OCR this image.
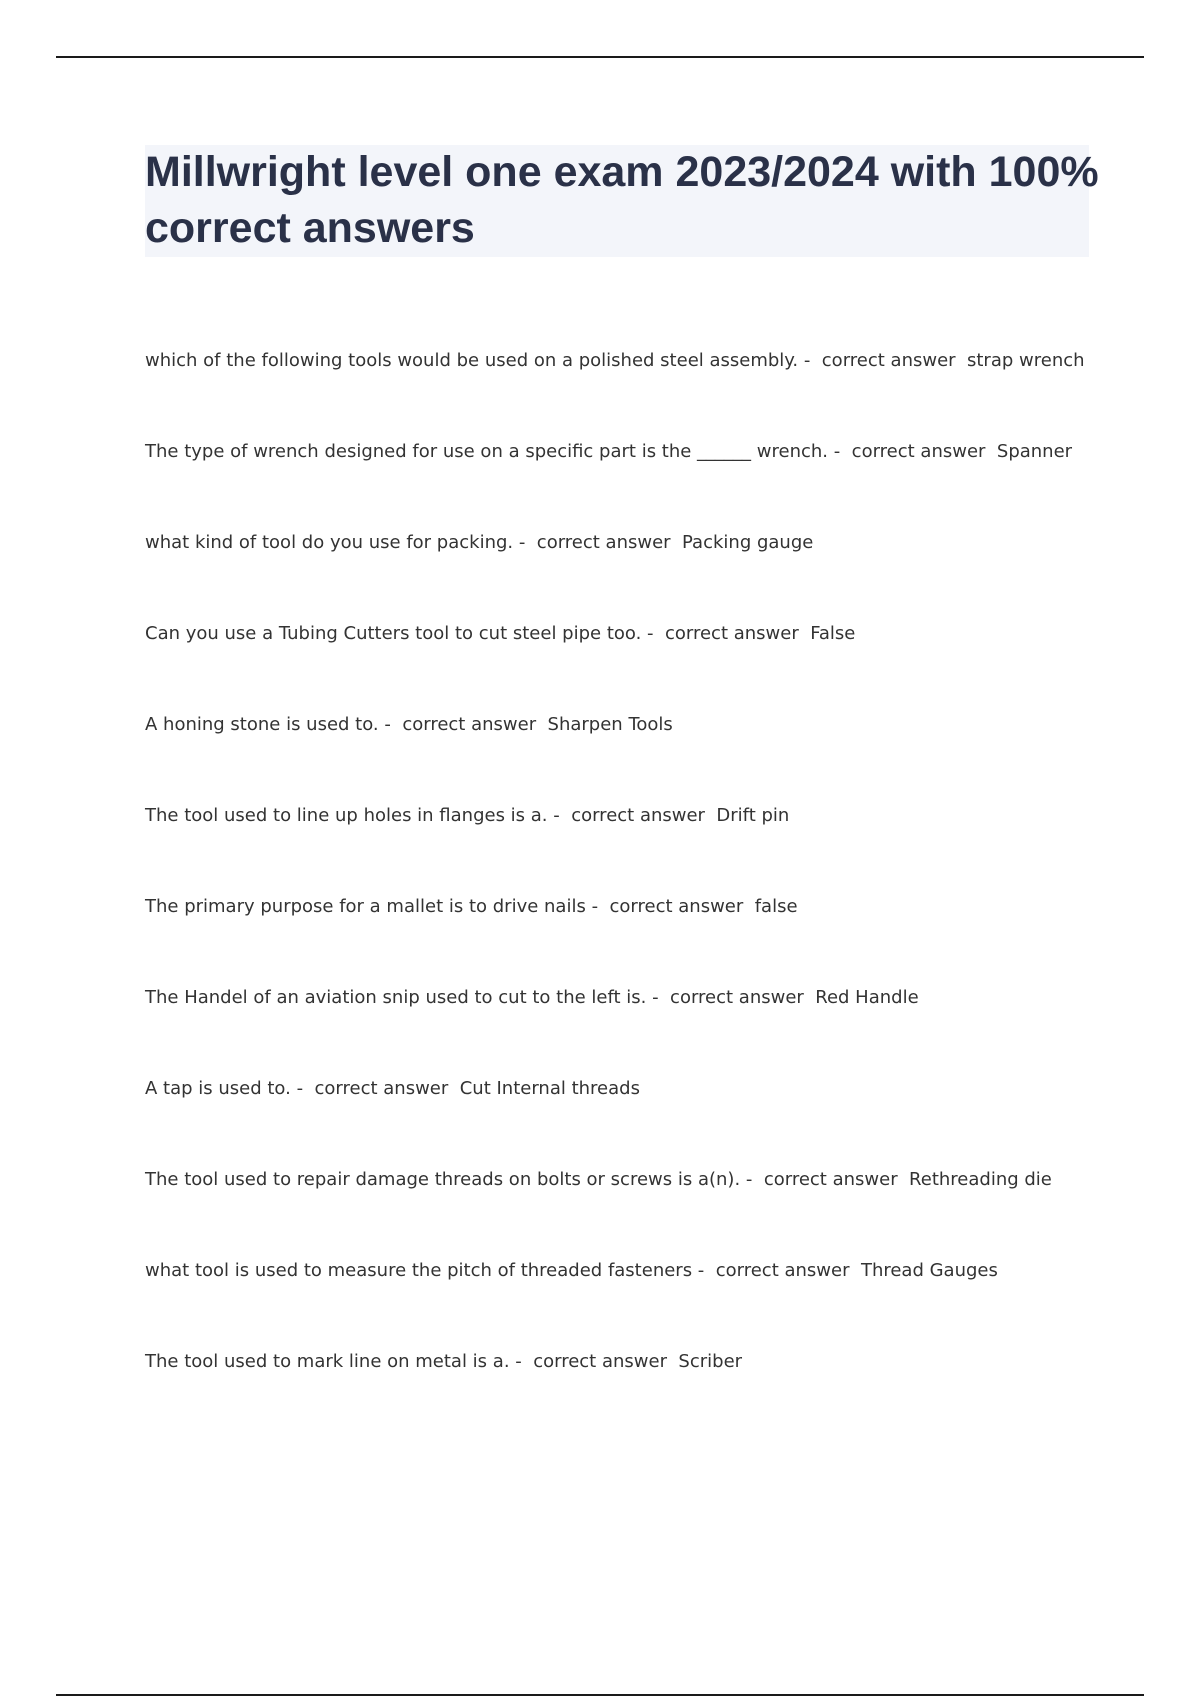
Millwright level one exam 2023/2024 with 100% correct answers
which of the following tools would be used on a polished steel assembly. -  correct answer  strap wrench
The type of wrench designed for use on a specific part is the ______ wrench. -  correct answer  Spanner
what kind of tool do you use for packing. -  correct answer  Packing gauge
Can you use a Tubing Cutters tool to cut steel pipe too. -  correct answer  False
A honing stone is used to. -  correct answer  Sharpen Tools
The tool used to line up holes in flanges is a. -  correct answer  Drift pin
The primary purpose for a mallet is to drive nails -  correct answer  false
The Handel of an aviation snip used to cut to the left is. -  correct answer  Red Handle
A tap is used to. -  correct answer  Cut Internal threads
The tool used to repair damage threads on bolts or screws is a(n). -  correct answer  Rethreading die
what tool is used to measure the pitch of threaded fasteners -  correct answer  Thread Gauges
The tool used to mark line on metal is a. -  correct answer  Scriber
